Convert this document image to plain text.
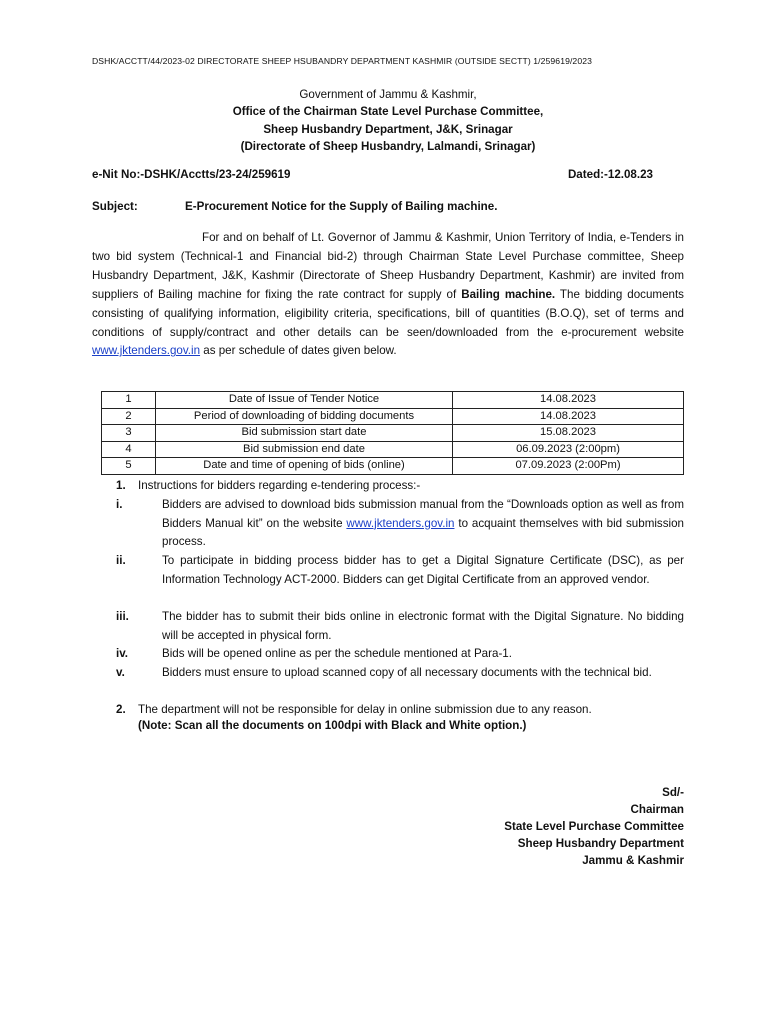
DSHK/ACCTT/44/2023-02 DIRECTORATE SHEEP HSUBANDRY DEPARTMENT KASHMIR (OUTSIDE SECTT) 1/259619/2023
Government of Jammu & Kashmir,
Office of the Chairman State Level Purchase Committee,
Sheep Husbandry Department, J&K, Srinagar
(Directorate of Sheep Husbandry, Lalmandi, Srinagar)
e-Nit No:-DSHK/Acctts/23-24/259619	Dated:-12.08.23
Subject:	E-Procurement Notice for the Supply of Bailing machine.
For and on behalf of Lt. Governor of Jammu & Kashmir, Union Territory of India, e-Tenders in two bid system (Technical-1 and Financial bid-2) through Chairman State Level Purchase committee, Sheep Husbandry Department, J&K, Kashmir (Directorate of Sheep Husbandry Department, Kashmir) are invited from suppliers of Bailing machine for fixing the rate contract for supply of Bailing machine. The bidding documents consisting of qualifying information, eligibility criteria, specifications, bill of quantities (B.O.Q), set of terms and conditions of supply/contract and other details can be seen/downloaded from the e-procurement website www.jktenders.gov.in as per schedule of dates given below.
1	Date of Issue of Tender Notice	14.08.2023
2	Period of downloading of bidding documents	14.08.2023
3	Bid submission start date	15.08.2023
4	Bid submission end date	06.09.2023 (2:00pm)
5	Date and time of opening of bids (online)	07.09.2023 (2:00Pm)
1. Instructions for bidders regarding e-tendering process:-
i.	Bidders are advised to download bids submission manual from the “Downloads option as well as from Bidders Manual kit” on the website www.jktenders.gov.in to acquaint themselves with bid submission process.
ii.	To participate in bidding process bidder has to get a Digital Signature Certificate (DSC), as per Information Technology ACT-2000. Bidders can get Digital Certificate from an approved vendor.
iii.	The bidder has to submit their bids online in electronic format with the Digital Signature. No bidding will be accepted in physical form.
iv.	Bids will be opened online as per the schedule mentioned at Para-1.
v.	Bidders must ensure to upload scanned copy of all necessary documents with the technical bid.
2. The department will not be responsible for delay in online submission due to any reason.
(Note: Scan all the documents on 100dpi with Black and White option.)
Sd/-
Chairman
State Level Purchase Committee
Sheep Husbandry Department
Jammu & Kashmir
